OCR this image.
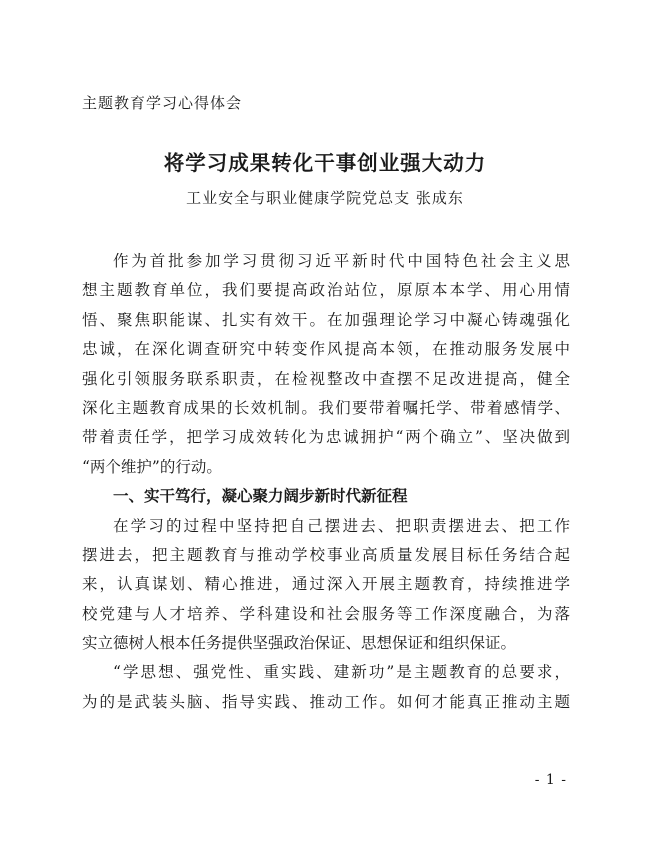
主题教育学习心得体会
将学习成果转化干事创业强大动力
工业安全与职业健康学院党总支 张成东
作为首批参加学习贯彻习近平新时代中国特色社会主义思
想主题教育单位，我们要提高政治站位，原原本本学、用心用情
悟、聚焦职能谋、扎实有效干。在加强理论学习中凝心铸魂强化
忠诚，在深化调查研究中转变作风提高本领，在推动服务发展中
强化引领服务联系职责，在检视整改中查摆不足改进提高，健全
深化主题教育成果的长效机制。我们要带着嘱托学、带着感情学、
带着责任学，把学习成效转化为忠诚拥护“两个确立”、坚决做到
“两个维护”的行动。
一、实干笃行，凝心聚力阔步新时代新征程
在学习的过程中坚持把自己摆进去、把职责摆进去、把工作
摆进去，把主题教育与推动学校事业高质量发展目标任务结合起
来，认真谋划、精心推进，通过深入开展主题教育，持续推进学
校党建与人才培养、学科建设和社会服务等工作深度融合，为落
实立德树人根本任务提供坚强政治保证、思想保证和组织保证。
“学思想、强党性、重实践、建新功”是主题教育的总要求，
为的是武装头脑、指导实践、推动工作。如何才能真正推动主题
- 1 -
